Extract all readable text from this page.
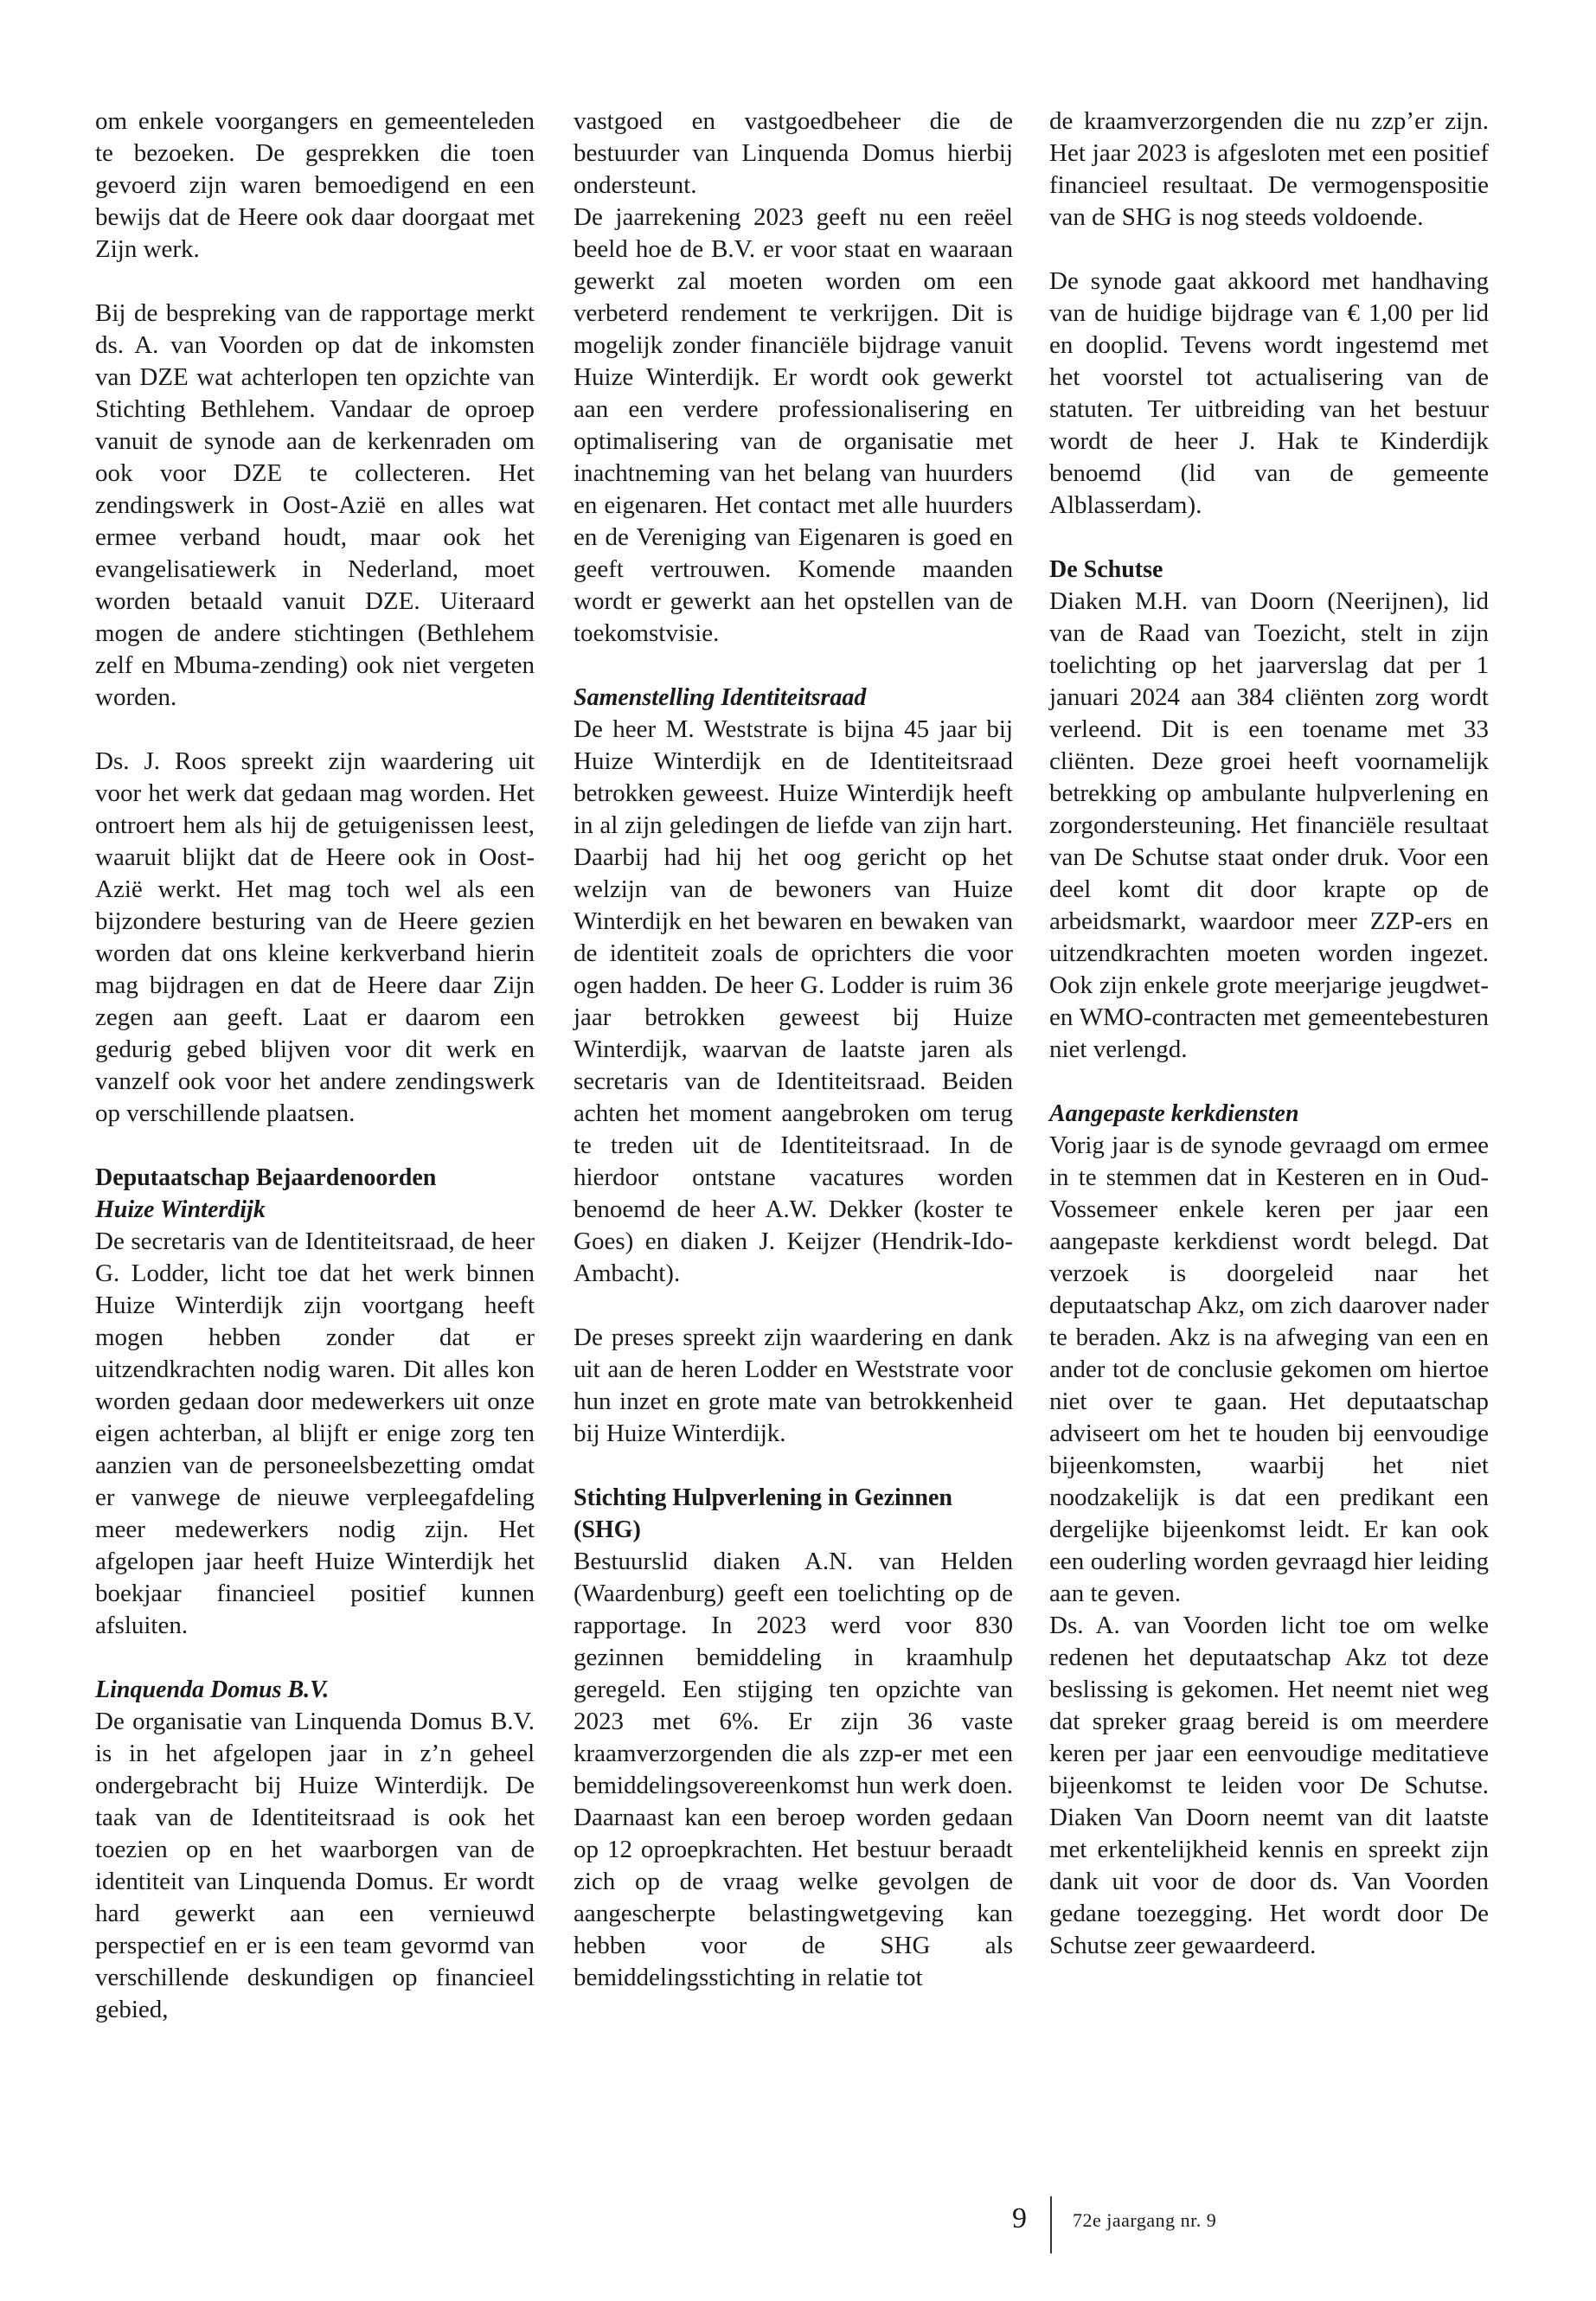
om enkele voorgangers en gemeenteleden te bezoeken. De gesprekken die toen gevoerd zijn waren bemoedigend en een bewijs dat de Heere ook daar doorgaat met Zijn werk.

Bij de bespreking van de rapportage merkt ds. A. van Voorden op dat de inkomsten van DZE wat achterlopen ten opzichte van Stichting Bethlehem. Vandaar de oproep vanuit de synode aan de kerkenraden om ook voor DZE te collecteren. Het zendingswerk in Oost-Azië en alles wat ermee verband houdt, maar ook het evangelisatiewerk in Nederland, moet worden betaald vanuit DZE. Uiteraard mogen de andere stichtingen (Bethlehem zelf en Mbuma-zending) ook niet vergeten worden.

Ds. J. Roos spreekt zijn waardering uit voor het werk dat gedaan mag worden. Het ontroert hem als hij de getuigenissen leest, waaruit blijkt dat de Heere ook in Oost-Azië werkt. Het mag toch wel als een bijzondere besturing van de Heere gezien worden dat ons kleine kerkverband hierin mag bijdragen en dat de Heere daar Zijn zegen aan geeft. Laat er daarom een gedurig gebed blijven voor dit werk en vanzelf ook voor het andere zendingswerk op verschillende plaatsen.

Deputaatschap Bejaardenoorden
Huize Winterdijk

De secretaris van de Identiteitsraad, de heer G. Lodder, licht toe dat het werk binnen Huize Winterdijk zijn voortgang heeft mogen hebben zonder dat er uitzendkrachten nodig waren. Dit alles kon worden gedaan door medewerkers uit onze eigen achterban, al blijft er enige zorg ten aanzien van de personeelsbezetting omdat er vanwege de nieuwe verpleegafdeling meer medewerkers nodig zijn. Het afgelopen jaar heeft Huize Winterdijk het boekjaar financieel positief kunnen afsluiten.

Linquenda Domus B.V.

De organisatie van Linquenda Domus B.V. is in het afgelopen jaar in z’n geheel ondergebracht bij Huize Winterdijk. De taak van de Identiteitsraad is ook het toezien op en het waarborgen van de identiteit van Linquenda Domus. Er wordt hard gewerkt aan een vernieuwd perspectief en er is een team gevormd van verschillende deskundigen op financieel gebied,

vastgoed en vastgoedbeheer die de bestuurder van Linquenda Domus hierbij ondersteunt.

De jaarrekening 2023 geeft nu een reëel beeld hoe de B.V. er voor staat en waaraan gewerkt zal moeten worden om een verbeterd rendement te verkrijgen. Dit is mogelijk zonder financiële bijdrage vanuit Huize Winterdijk. Er wordt ook gewerkt aan een verdere professionalisering en optimalisering van de organisatie met inachtneming van het belang van huurders en eigenaren. Het contact met alle huurders en de Vereniging van Eigenaren is goed en geeft vertrouwen. Komende maanden wordt er gewerkt aan het opstellen van de toekomstvisie.

Samenstelling Identiteitsraad

De heer M. Weststrate is bijna 45 jaar bij Huize Winterdijk en de Identiteitsraad betrokken geweest. Huize Winterdijk heeft in al zijn geledingen de liefde van zijn hart. Daarbij had hij het oog gericht op het welzijn van de bewoners van Huize Winterdijk en het bewaren en bewaken van de identiteit zoals de oprichters die voor ogen hadden. De heer G. Lodder is ruim 36 jaar betrokken geweest bij Huize Winterdijk, waarvan de laatste jaren als secretaris van de Identiteitsraad. Beiden achten het moment aangebroken om terug te treden uit de Identiteitsraad. In de hierdoor ontstane vacatures worden benoemd de heer A.W. Dekker (koster te Goes) en diaken J. Keijzer (Hendrik-Ido-Ambacht).

De preses spreekt zijn waardering en dank uit aan de heren Lodder en Weststrate voor hun inzet en grote mate van betrokkenheid bij Huize Winterdijk.

Stichting Hulpverlening in Gezinnen (SHG)

Bestuurslid diaken A.N. van Helden (Waardenburg) geeft een toelichting op de rapportage. In 2023 werd voor 830 gezinnen bemiddeling in kraamhulp geregeld. Een stijging ten opzichte van 2023 met 6%. Er zijn 36 vaste kraamverzorgenden die als zzp-er met een bemiddelingsovereenkomst hun werk doen. Daarnaast kan een beroep worden gedaan op 12 oproepkrachten. Het bestuur beraadt zich op de vraag welke gevolgen de aangescherpte belastingwetgeving kan hebben voor de SHG als bemiddelingsstichting in relatie tot

de kraamverzorgenden die nu zzp’er zijn. Het jaar 2023 is afgesloten met een positief financieel resultaat. De vermogenspositie van de SHG is nog steeds voldoende.

De synode gaat akkoord met handhaving van de huidige bijdrage van € 1,00 per lid en dooplid. Tevens wordt ingestemd met het voorstel tot actualisering van de statuten. Ter uitbreiding van het bestuur wordt de heer J. Hak te Kinderdijk benoemd (lid van de gemeente Alblasserdam).

De Schutse

Diaken M.H. van Doorn (Neerijnen), lid van de Raad van Toezicht, stelt in zijn toelichting op het jaarverslag dat per 1 januari 2024 aan 384 cliënten zorg wordt verleend. Dit is een toename met 33 cliënten. Deze groei heeft voornamelijk betrekking op ambulante hulpverlening en zorgondersteuning. Het financiële resultaat van De Schutse staat onder druk. Voor een deel komt dit door krapte op de arbeidsmarkt, waardoor meer ZZP-ers en uitzendkrachten moeten worden ingezet. Ook zijn enkele grote meerjarige jeugdwet- en WMO-contracten met gemeentebesturen niet verlengd.

Aangepaste kerkdiensten

Vorig jaar is de synode gevraagd om ermee in te stemmen dat in Kesteren en in Oud-Vossemeer enkele keren per jaar een aangepaste kerkdienst wordt belegd. Dat verzoek is doorgeleid naar het deputaatschap Akz, om zich daarover nader te beraden. Akz is na afweging van een en ander tot de conclusie gekomen om hiertoe niet over te gaan. Het deputaatschap adviseert om het te houden bij eenvoudige bijeenkomsten, waarbij het niet noodzakelijk is dat een predikant een dergelijke bijeenkomst leidt. Er kan ook een ouderling worden gevraagd hier leiding aan te geven.

Ds. A. van Voorden licht toe om welke redenen het deputaatschap Akz tot deze beslissing is gekomen. Het neemt niet weg dat spreker graag bereid is om meerdere keren per jaar een eenvoudige meditatieve bijeenkomst te leiden voor De Schutse. Diaken Van Doorn neemt van dit laatste met erkentelijkheid kennis en spreekt zijn dank uit voor de door ds. Van Voorden gedane toezegging. Het wordt door De Schutse zeer gewaardeerd.

9 72e jaargang nr. 9
